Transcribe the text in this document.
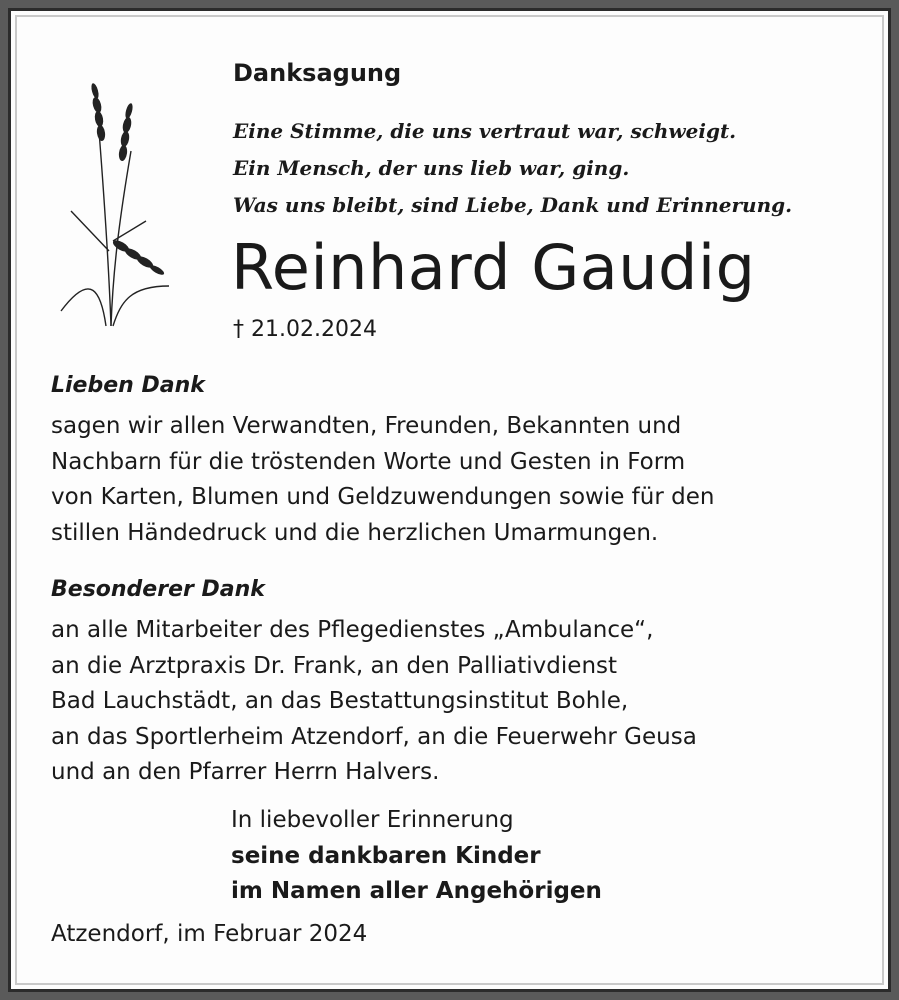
Danksagung
Eine Stimme, die uns vertraut war, schweigt.
Ein Mensch, der uns lieb war, ging.
Was uns bleibt, sind Liebe, Dank und Erinnerung.
Reinhard Gaudig
† 21.02.2024
Lieben Dank
sagen wir allen Verwandten, Freunden, Bekannten und
Nachbarn für die tröstenden Worte und Gesten in Form
von Karten, Blumen und Geldzuwendungen sowie für den
stillen Händedruck und die herzlichen Umarmungen.
Besonderer Dank
an alle Mitarbeiter des Pflegedienstes „Ambulance“,
an die Arztpraxis Dr. Frank, an den Palliativdienst
Bad Lauchstädt, an das Bestattungsinstitut Bohle,
an das Sportlerheim Atzendorf, an die Feuerwehr Geusa
und an den Pfarrer Herrn Halvers.
In liebevoller Erinnerung
seine dankbaren Kinder
im Namen aller Angehörigen
Atzendorf, im Februar 2024
